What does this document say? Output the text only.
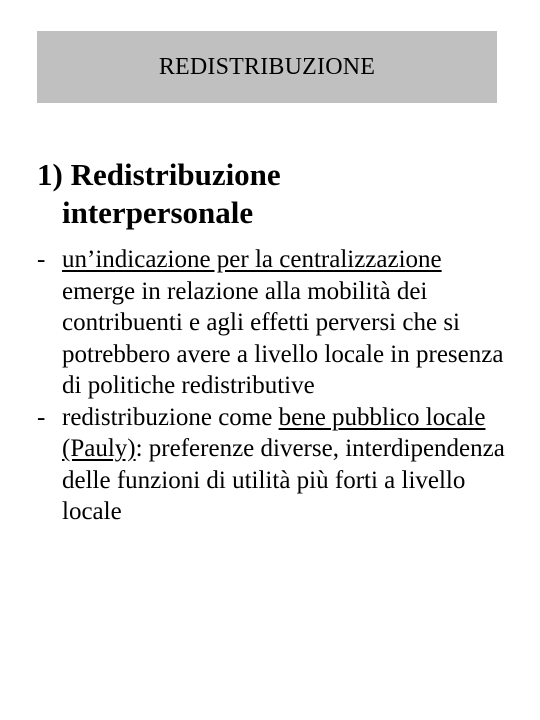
REDISTRIBUZIONE
1) Redistribuzione
interpersonale
- un’indicazione per la centralizzazione emerge in relazione alla mobilità dei contribuenti e agli effetti perversi che si potrebbero avere a livello locale in presenza di politiche redistributive
- redistribuzione come bene pubblico locale (Pauly): preferenze diverse, interdipendenza delle funzioni di utilità più forti a livello locale
